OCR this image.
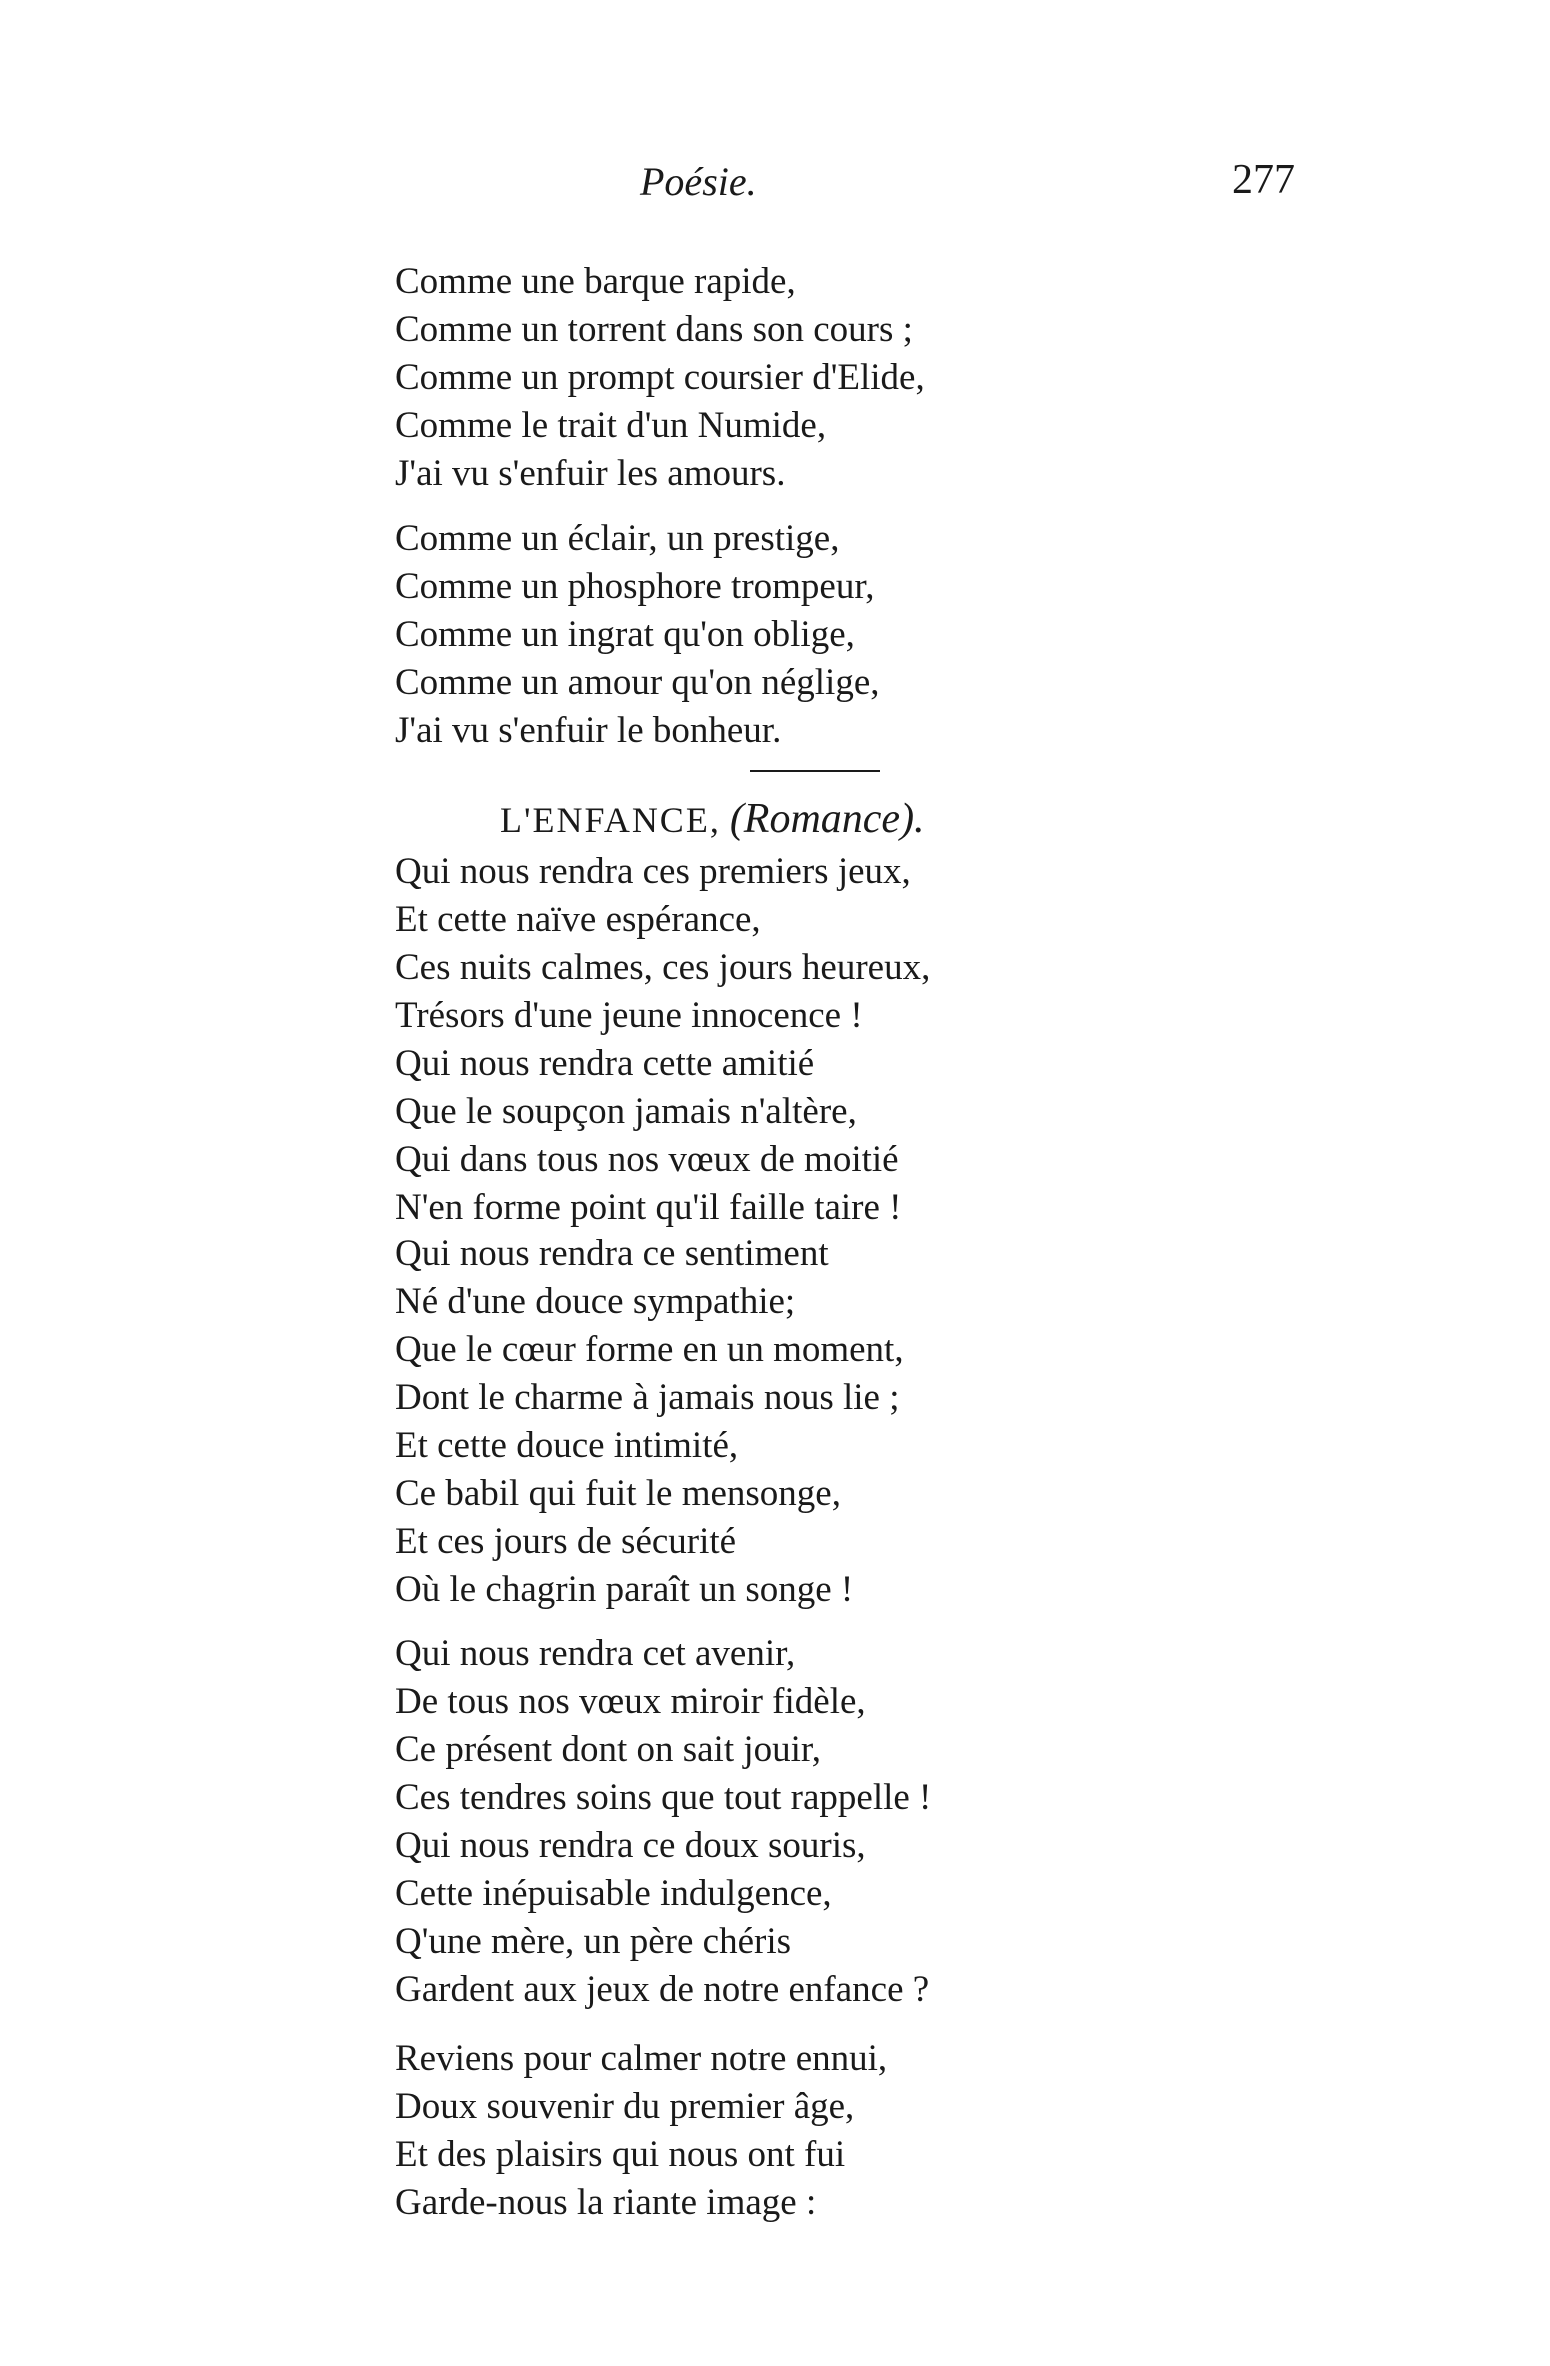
Poésie.	277
Comme une barque rapide,
Comme un torrent dans son cours ;
Comme un prompt coursier d'Elide,
Comme le trait d'un Numide,
J'ai vu s'enfuir les amours.
Comme un éclair, un prestige,
Comme un phosphore trompeur,
Comme un ingrat qu'on oblige,
Comme un amour qu'on néglige,
J'ai vu s'enfuir le bonheur.
L'ENFANCE, (Romance).
Qui nous rendra ces premiers jeux,
Et cette naïve espérance,
Ces nuits calmes, ces jours heureux,
Trésors d'une jeune innocence !
Qui nous rendra cette amitié
Que le soupçon jamais n'altère,
Qui dans tous nos vœux de moitié
N'en forme point qu'il faille taire !
Qui nous rendra ce sentiment
Né d'une douce sympathie;
Que le cœur forme en un moment,
Dont le charme à jamais nous lie ;
Et cette douce intimité,
Ce babil qui fuit le mensonge,
Et ces jours de sécurité
Où le chagrin paraît un songe !
Qui nous rendra cet avenir,
De tous nos vœux miroir fidèle,
Ce présent dont on sait jouir,
Ces tendres soins que tout rappelle !
Qui nous rendra ce doux souris,
Cette inépuisable indulgence,
Q'une mère, un père chéris
Gardent aux jeux de notre enfance ?
Reviens pour calmer notre ennui,
Doux souvenir du premier âge,
Et des plaisirs qui nous ont fui
Garde-nous la riante image :
